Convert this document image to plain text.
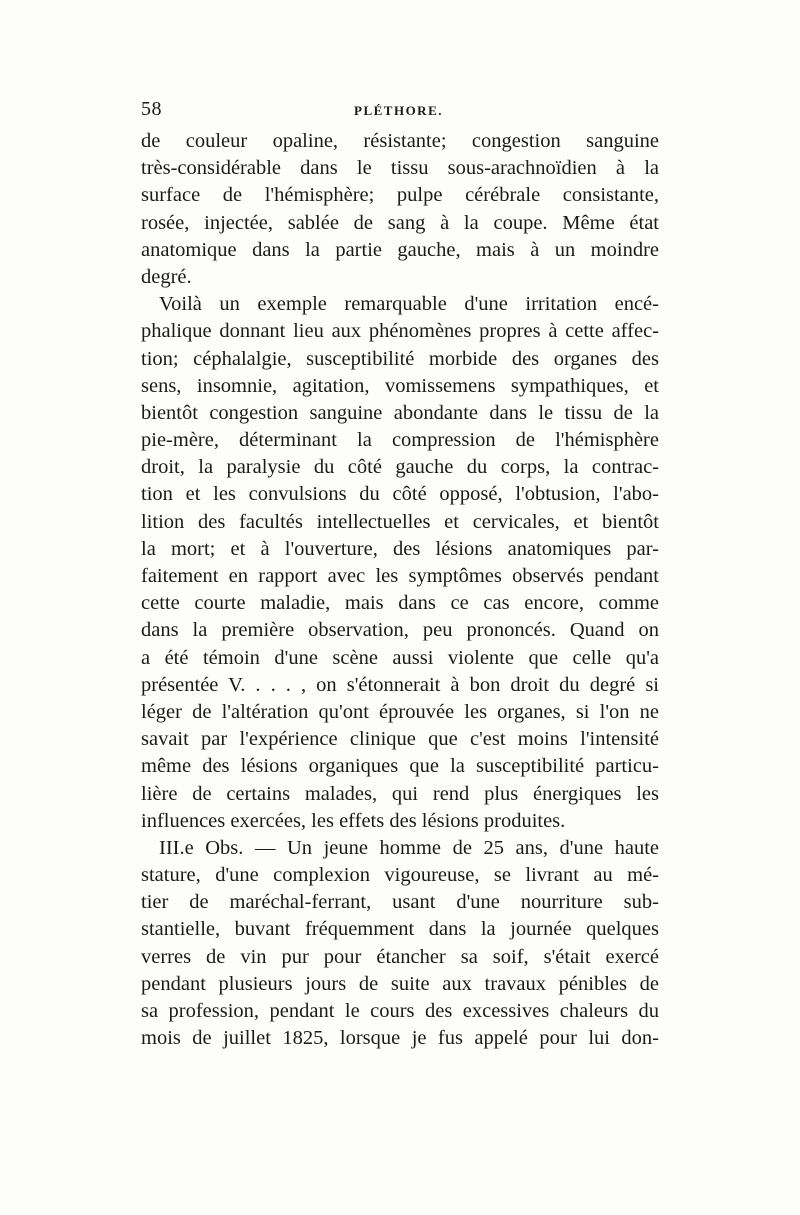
58	PLÉTHORE.
de couleur opaline, résistante; congestion sanguine
très-considérable dans le tissu sous-arachnoïdien à la
surface de l'hémisphère; pulpe cérébrale consistante,
rosée, injectée, sablée de sang à la coupe. Même état
anatomique dans la partie gauche, mais à un moindre
degré.
Voilà un exemple remarquable d'une irritation encé-
phalique donnant lieu aux phénomènes propres à cette affec-
tion; céphalalgie, susceptibilité morbide des organes des
sens, insomnie, agitation, vomissemens sympathiques, et
bientôt congestion sanguine abondante dans le tissu de la
pie-mère, déterminant la compression de l'hémisphère
droit, la paralysie du côté gauche du corps, la contrac-
tion et les convulsions du côté opposé, l'obtusion, l'abo-
lition des facultés intellectuelles et cervicales, et bientôt
la mort; et à l'ouverture, des lésions anatomiques par-
faitement en rapport avec les symptômes observés pendant
cette courte maladie, mais dans ce cas encore, comme
dans la première observation, peu prononcés. Quand on
a été témoin d'une scène aussi violente que celle qu'a
présentée V. . . . , on s'étonnerait à bon droit du degré si
léger de l'altération qu'ont éprouvée les organes, si l'on ne
savait par l'expérience clinique que c'est moins l'intensité
même des lésions organiques que la susceptibilité particu-
lière de certains malades, qui rend plus énergiques les
influences exercées, les effets des lésions produites.
III.e Obs. — Un jeune homme de 25 ans, d'une haute
stature, d'une complexion vigoureuse, se livrant au mé-
tier de maréchal-ferrant, usant d'une nourriture sub-
stantielle, buvant fréquemment dans la journée quelques
verres de vin pur pour étancher sa soif, s'était exercé
pendant plusieurs jours de suite aux travaux pénibles de
sa profession, pendant le cours des excessives chaleurs du
mois de juillet 1825, lorsque je fus appelé pour lui don-
